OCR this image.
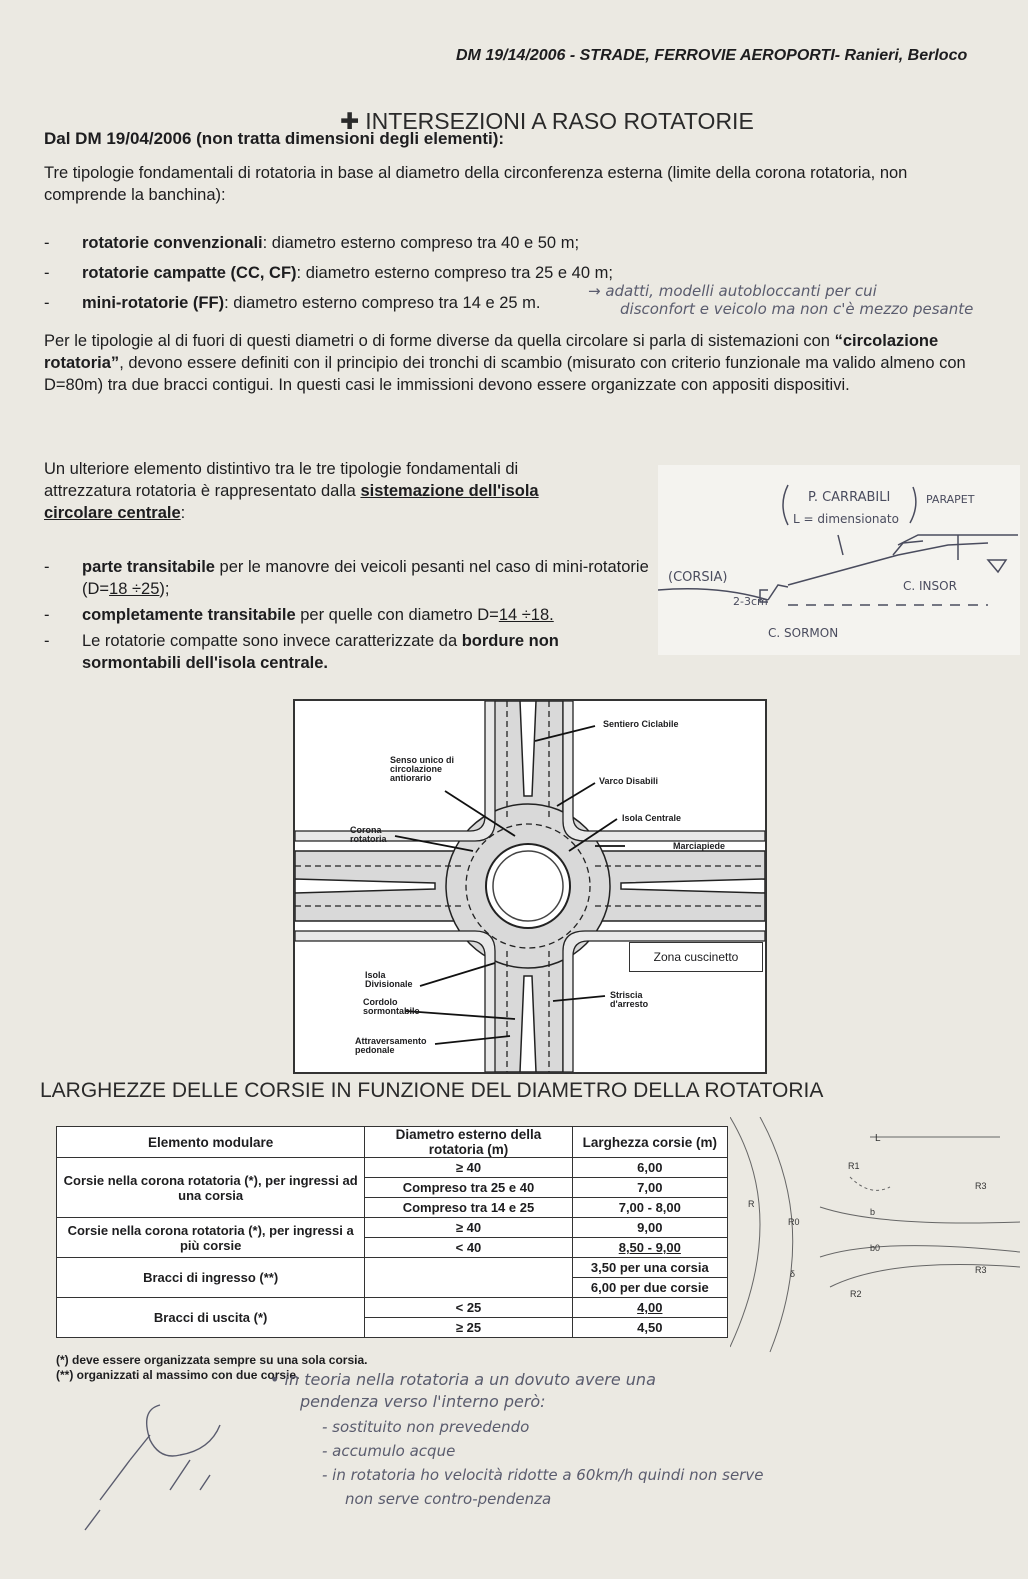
DM 19/14/2006 - STRADE, FERROVIE AEROPORTI- Ranieri, Berloco
✚ INTERSEZIONI A RASO ROTATORIE
Dal DM 19/04/2006 (non tratta dimensioni degli elementi):
Tre tipologie fondamentali di rotatoria in base al diametro della circonferenza esterna (limite della corona rotatoria, non comprende la banchina):
- rotatorie convenzionali: diametro esterno compreso tra 40 e 50 m;
- rotatorie campatte (CC, CF): diametro esterno compreso tra 25 e 40 m;
- mini-rotatorie (FF): diametro esterno compreso tra 14 e 25 m.
→ adatti, modelli autobloccanti per cui
disconfort e veicolo ma non c'è mezzo pesante
Per le tipologie al di fuori di questi diametri o di forme diverse da quella circolare si parla di sistemazioni con “circolazione rotatoria”, devono essere definiti con il principio dei tronchi di scambio (misurato con criterio funzionale ma valido almeno con D=80m) tra due bracci contigui. In questi casi le immissioni devono essere organizzate con appositi dispositivi.
Un ulteriore elemento distintivo tra le tre tipologie fondamentali di attrezzatura rotatoria è rappresentato dalla sistemazione dell'isola circolare centrale:
- parte transitabile per le manovre dei veicoli pesanti nel caso di mini-rotatorie (D=18 ÷25);
- completamente transitabile per quelle con diametro D=14 ÷18.
- Le rotatorie compatte sono invece caratterizzate da bordure non sormontabili dell'isola centrale.
P. CARRABILI
L = dimensionato
PARAPET
(CORSIA)
2-3cm
C. INSOR
C. SORMON
Sentiero Ciclabile
Senso unico di circolazione antiorario	Varco Disabili
Isola Centrale
Corona rotatoria
Marciapiede
Zona cuscinetto
Isola Divisionale
Cordolo sormontabile
Striscia d'arresto
Attraversamento pedonale
LARGHEZZE DELLE CORSIE IN FUNZIONE DEL DIAMETRO DELLA ROTATORIA
Elemento modulare	Diametro esterno della rotatoria (m)	Larghezza corsie (m)
Corsie nella corona rotatoria (*), per ingressi ad una corsia	≥ 40	6,00
	Compreso tra 25 e 40	7,00
	Compreso tra 14 e 25	7,00 - 8,00
Corsie nella corona rotatoria (*), per ingressi a più corsie	≥ 40	9,00
	< 40	8,50 - 9,00
Bracci di ingresso (**)		3,50 per una corsia
		6,00 per due corsie
Bracci di uscita (*)	< 25	4,00
	≥ 25	4,50
(*) deve essere organizzata sempre su una sola corsia.
(**) organizzati al massimo con due corsie.
L
R1
R3
R
R0
b
b0
R2
δ	R3
• in teoria nella rotatoria a un dovuto avere una
pendenza verso l'interno però:
- sostituito non prevedendo
- accumulo acque
- in rotatoria ho velocità ridotte a 60km/h quindi non serve
non serve contro-pendenza
